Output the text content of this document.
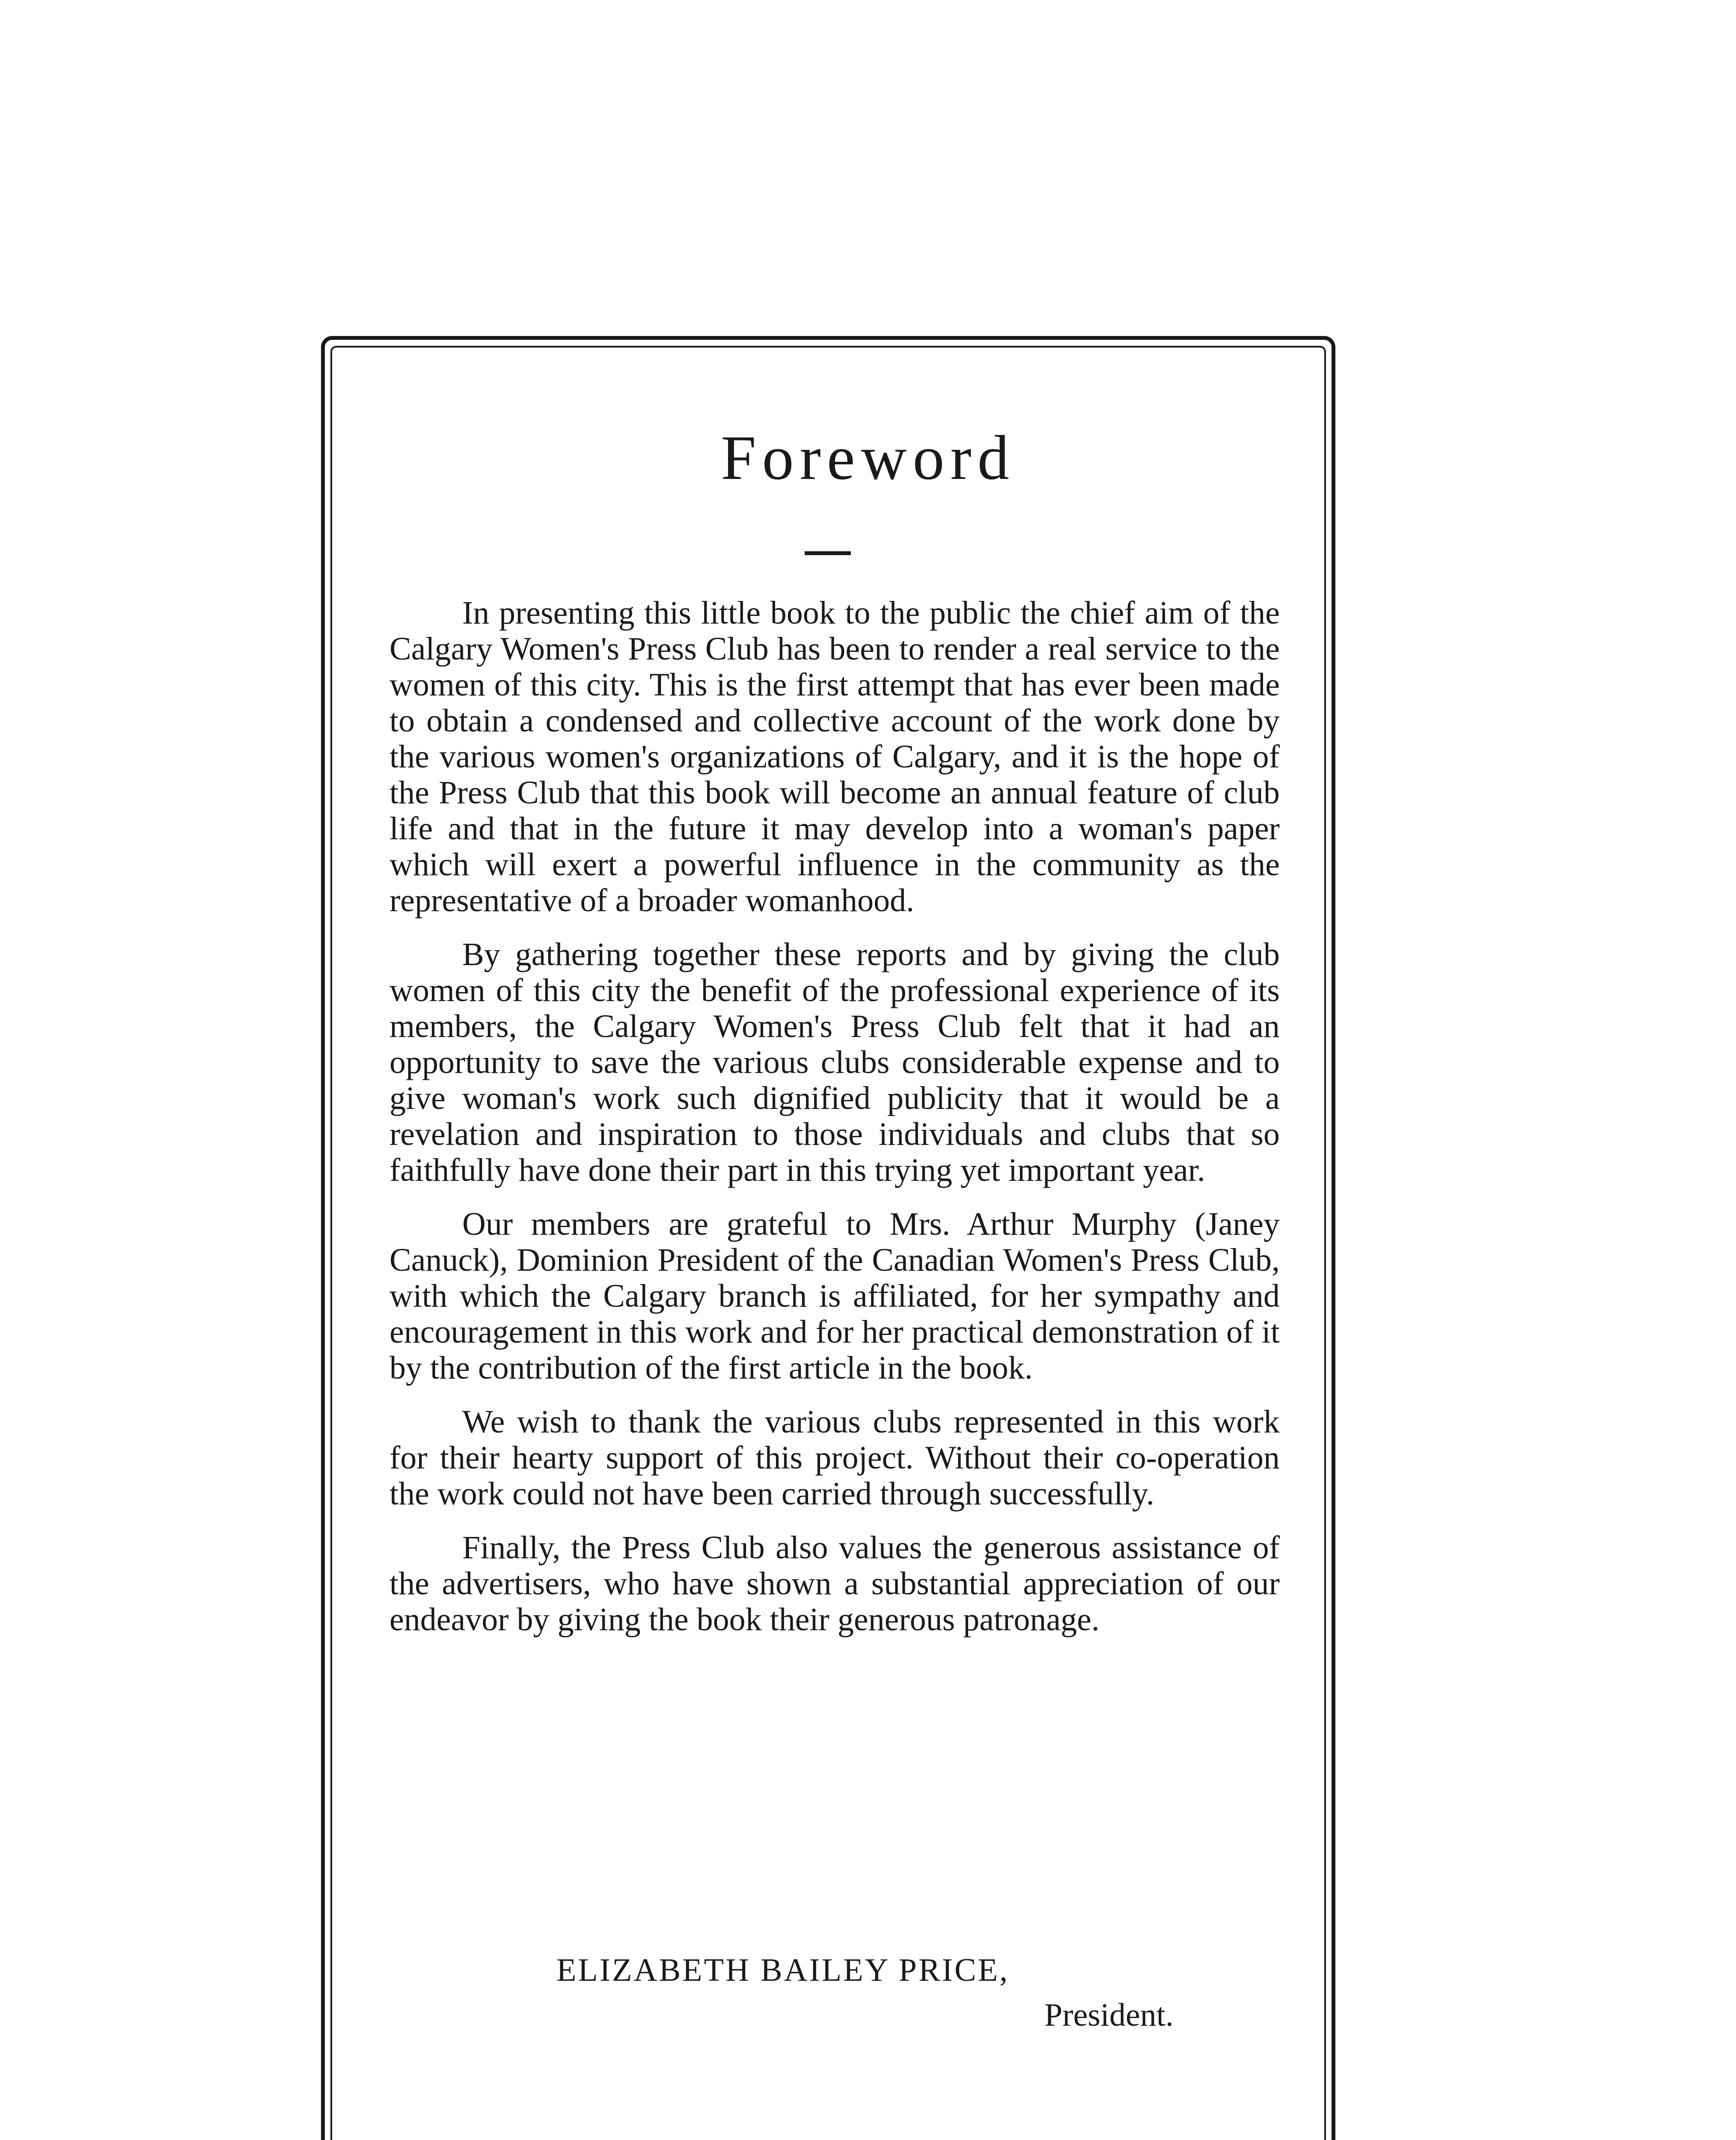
Foreword

In presenting this little book to the public the chief aim of the Calgary Women's Press Club has been to render a real service to the women of this city. This is the first attempt that has ever been made to obtain a condensed and collective account of the work done by the various women's organizations of Calgary, and it is the hope of the Press Club that this book will become an annual feature of club life and that in the future it may develop into a woman's paper which will exert a powerful influence in the community as the representative of a broader womanhood.

By gathering together these reports and by giving the club women of this city the benefit of the professional experience of its members, the Calgary Women's Press Club felt that it had an opportunity to save the various clubs considerable expense and to give woman's work such dignified publicity that it would be a revelation and inspiration to those individuals and clubs that so faithfully have done their part in this trying yet important year.

Our members are grateful to Mrs. Arthur Murphy (Janey Canuck), Dominion President of the Canadian Women's Press Club, with which the Calgary branch is affiliated, for her sympathy and encouragement in this work and for her practical demonstration of it by the contribution of the first article in the book.

We wish to thank the various clubs represented in this work for their hearty support of this project. Without their co-operation the work could not have been carried through successfully.

Finally, the Press Club also values the generous assistance of the advertisers, who have shown a substantial appreciation of our endeavor by giving the book their generous patronage.

ELIZABETH BAILEY PRICE,

President.
